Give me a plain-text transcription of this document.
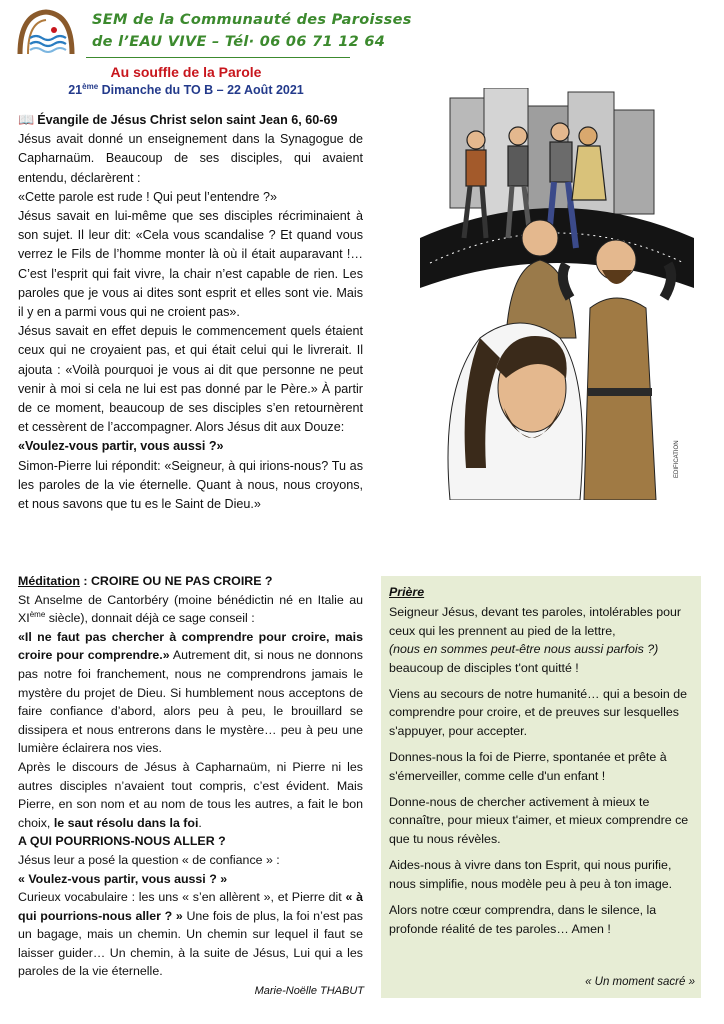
SEM de la Communauté des Paroisses
de l’EAU VIVE – Tél· 06 06 71 12 64
Au souffle de la Parole
21ème Dimanche du TO B – 22 Août 2021

📖 Évangile de Jésus Christ selon saint Jean 6, 60-69

Jésus avait donné un enseignement dans la Synagogue de Capharnaüm. Beaucoup de ses disciples, qui avaient entendu, déclarèrent :

«Cette parole est rude ! Qui peut l’entendre ?»

Jésus savait en lui-même que ses disciples récriminaient à son sujet. Il leur dit: «Cela vous scandalise ? Et quand vous verrez le Fils de l’homme monter là où il était auparavant !… C’est l’esprit qui fait vivre, la chair n’est capable de rien. Les paroles que je vous ai dites sont esprit et elles sont vie. Mais il y en a parmi vous qui ne croient pas».

Jésus savait en effet depuis le commencement quels étaient ceux qui ne croyaient pas, et qui était celui qui le livrerait. Il ajouta : «Voilà pourquoi je vous ai dit que personne ne peut venir à moi si cela ne lui est pas donné par le Père.» À partir de ce moment, beaucoup de ses disciples s’en retournèrent et cessèrent de l’accompagner. Alors Jésus dit aux Douze:

«Voulez-vous partir, vous aussi ?»

Simon-Pierre lui répondit: «Seigneur, à qui irions-nous? Tu as les paroles de la vie éternelle. Quant à nous, nous croyons, et nous savons que tu es le Saint de Dieu.»

EDIFICATION

Méditation : CROIRE OU NE PAS CROIRE ?

St Anselme de Cantorbéry (moine bénédictin né en Italie au XIème siècle), donnait déjà ce sage conseil :

«Il ne faut pas chercher à comprendre pour croire, mais croire pour comprendre.» Autrement dit, si nous ne donnons pas notre foi franchement, nous ne comprendrons jamais le mystère du projet de Dieu. Si humblement nous acceptons de faire confiance d’abord, alors peu à peu, le brouillard se dissipera et nous entrerons dans le mystère… peu à peu une lumière éclairera nos vies.

Après le discours de Jésus à Capharnaüm, ni Pierre ni les autres disciples n’avaient tout compris, c’est évident. Mais Pierre, en son nom et au nom de tous les autres, a fait le bon choix, le saut résolu dans la foi.

A QUI POURRIONS-NOUS ALLER ?

Jésus leur a posé la question « de confiance » :

« Voulez-vous partir, vous aussi ? »

Curieux vocabulaire : les uns « s’en allèrent », et Pierre dit « à qui pourrions-nous aller ? » Une fois de plus, la foi n’est pas un bagage, mais un chemin. Un chemin sur lequel il faut se laisser guider… Un chemin, à la suite de Jésus, Lui qui a les paroles de la vie éternelle.

Marie-Noëlle THABUT

Prière

Seigneur Jésus, devant tes paroles, intolérables pour ceux qui les prennent au pied de la lettre,
(nous en sommes peut-être nous aussi parfois ?)
beaucoup de disciples t'ont quitté !

Viens au secours de notre humanité… qui a besoin de comprendre pour croire, et de preuves sur lesquelles s'appuyer, pour accepter.

Donnes-nous la foi de Pierre, spontanée et prête à s'émerveiller, comme celle d'un enfant !

Donne-nous de chercher activement à mieux te connaître, pour mieux t'aimer, et mieux comprendre ce que tu nous révèles.

Aides-nous à vivre dans ton Esprit, qui nous purifie, nous simplifie, nous modèle peu à peu à ton image.

Alors notre cœur comprendra, dans le silence, la profonde réalité de tes paroles… Amen !

« Un moment sacré »
